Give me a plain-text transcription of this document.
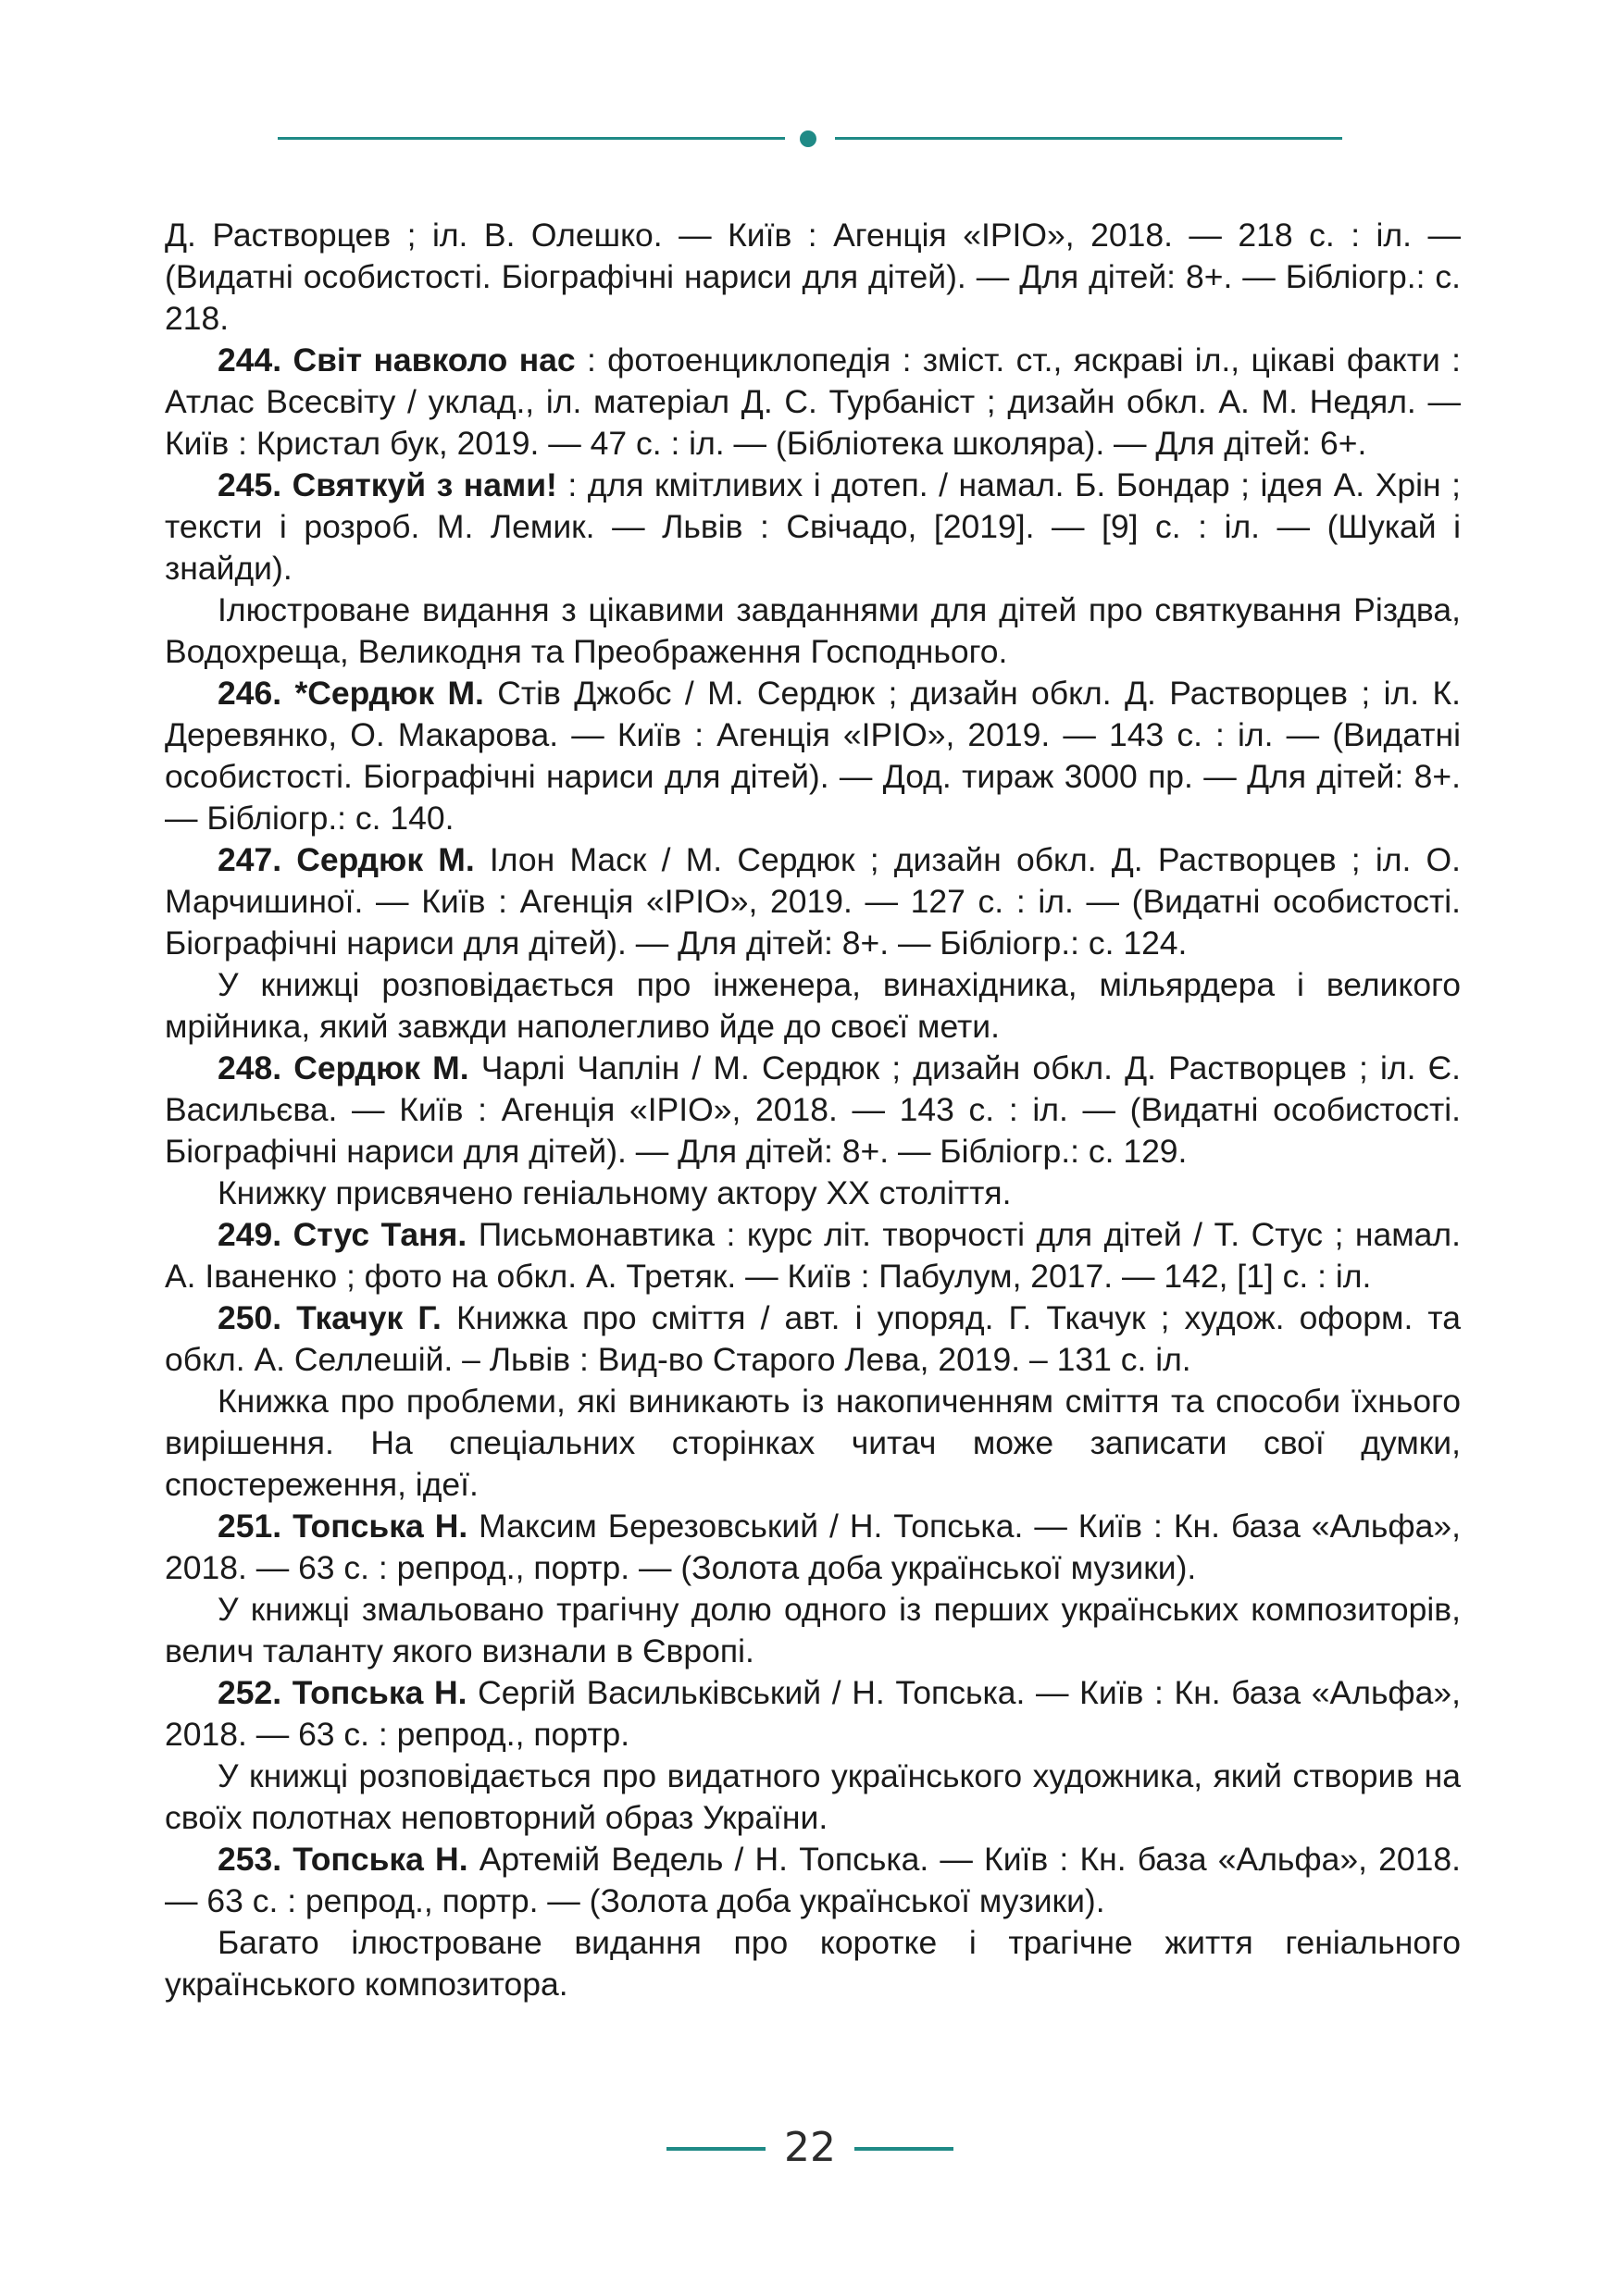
Д. Растворцев ; іл. В. Олешко. — Київ : Агенція «ІРІО», 2018. — 218 с. : іл. — (Видатні особистості. Біографічні нариси для дітей). — Для дітей: 8+. — Бібліогр.: с. 218.

244. Світ навколо нас : фотоенциклопедія : зміст. ст., яскраві іл., цікаві факти : Атлас Всесвіту / уклад., іл. матеріал Д. С. Турбаніст ; дизайн обкл. А. М. Недял. — Київ : Кристал бук, 2019. — 47 с. : іл. — (Бібліотека школяра). — Для дітей: 6+.

245. Святкуй з нами! : для кмітливих і дотеп. / намал. Б. Бондар ; ідея А. Хрін ; тексти і розроб. М. Лемик. — Львів : Свічадо, [2019]. — [9] с. : іл. — (Шукай і знайди).

Ілюстроване видання з цікавими завданнями для дітей про святкування Різдва, Водохреща, Великодня та Преображення Господнього.

246. *Сердюк М. Стів Джобс / М. Сердюк ; дизайн обкл. Д. Растворцев ; іл. К. Деревянко, О. Макарова. — Київ : Агенція «ІРІО», 2019. — 143 с. : іл. — (Видатні особистості. Біографічні нариси для дітей). — Дод. тираж 3000 пр. — Для дітей: 8+. — Бібліогр.: с. 140.

247. Сердюк М. Ілон Маск / М. Сердюк ; дизайн обкл. Д. Растворцев ; іл. О. Марчишиної. — Київ : Агенція «ІРІО», 2019. — 127 с. : іл. — (Видатні особистості. Біографічні нариси для дітей). — Для дітей: 8+. — Бібліогр.: с. 124.

У книжці розповідається про інженера, винахідника, мільярдера і великого мрійника, який завжди наполегливо йде до своєї мети.

248. Сердюк М. Чарлі Чаплін / М. Сердюк ; дизайн обкл. Д. Растворцев ; іл. Є. Васильєва. — Київ : Агенція «ІРІО», 2018. — 143 с. : іл. — (Видатні особистості. Біографічні нариси для дітей). — Для дітей: 8+. — Бібліогр.: с. 129.

Книжку присвячено геніальному актору ХХ століття.

249. Стус Таня. Письмонавтика : курс літ. творчості для дітей / Т. Стус ; намал. А. Іваненко ; фото на обкл. А. Третяк. — Київ : Пабулум, 2017. — 142, [1] с. : іл.

250. Ткачук Г. Книжка про сміття / авт. і упоряд. Г. Ткачук ; худож. оформ. та обкл. А. Селлешій. – Львів : Вид-во Старого Лева, 2019. – 131 с. іл.

Книжка про проблеми, які виникають із накопиченням сміття та способи їхнього вирішення. На спеціальних сторінках читач може записати свої думки, спостереження, ідеї.

251. Топська Н. Максим Березовський / Н. Топська. — Київ : Кн. база «Альфа», 2018. — 63 с. : репрод., портр. — (Золота доба української музики).

У книжці змальовано трагічну долю одного із перших українських композиторів, велич таланту якого визнали в Європі.

252. Топська Н. Сергій Васильківський / Н. Топська. — Київ : Кн. база «Альфа», 2018. — 63 с. : репрод., портр.

У книжці розповідається про видатного українського художника, який створив на своїх полотнах неповторний образ України.

253. Топська Н. Артемій Ведель / Н. Топська. — Київ : Кн. база «Альфа», 2018. — 63 с. : репрод., портр. — (Золота доба української музики).

Багато ілюстроване видання про коротке і трагічне життя геніального українського композитора.

22
